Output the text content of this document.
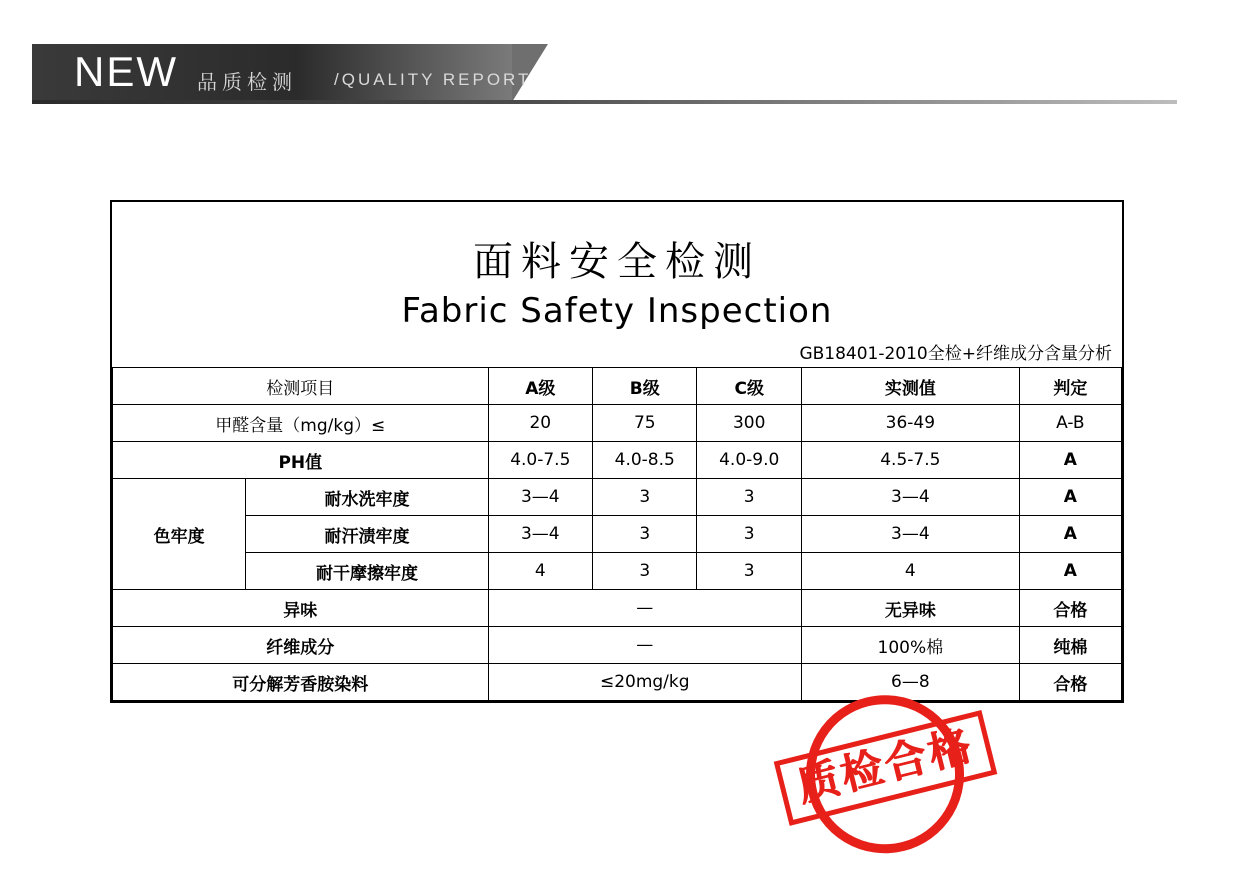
NEW 品质检测 /QUALITY REPORT
面料安全检测
Fabric Safety Inspection
GB18401-2010全检+纤维成分含量分析
检测项目		A级	B级	C级	实测值	判定
甲醛含量（mg/kg）≤		20	75	300	36-49	A-B
PH值		4.0-7.5	4.0-8.5	4.0-9.0	4.5-7.5	A
色牢度	耐水洗牢度	3—4	3	3	3—4	A
	耐汗渍牢度	3—4	3	3	3—4	A
	耐干摩擦牢度	4	3	3	4	A
异味		—			无异味	合格
纤维成分		—			100%棉	纯棉
可分解芳香胺染料		≤20mg/kg			6—8	合格
质检合格
